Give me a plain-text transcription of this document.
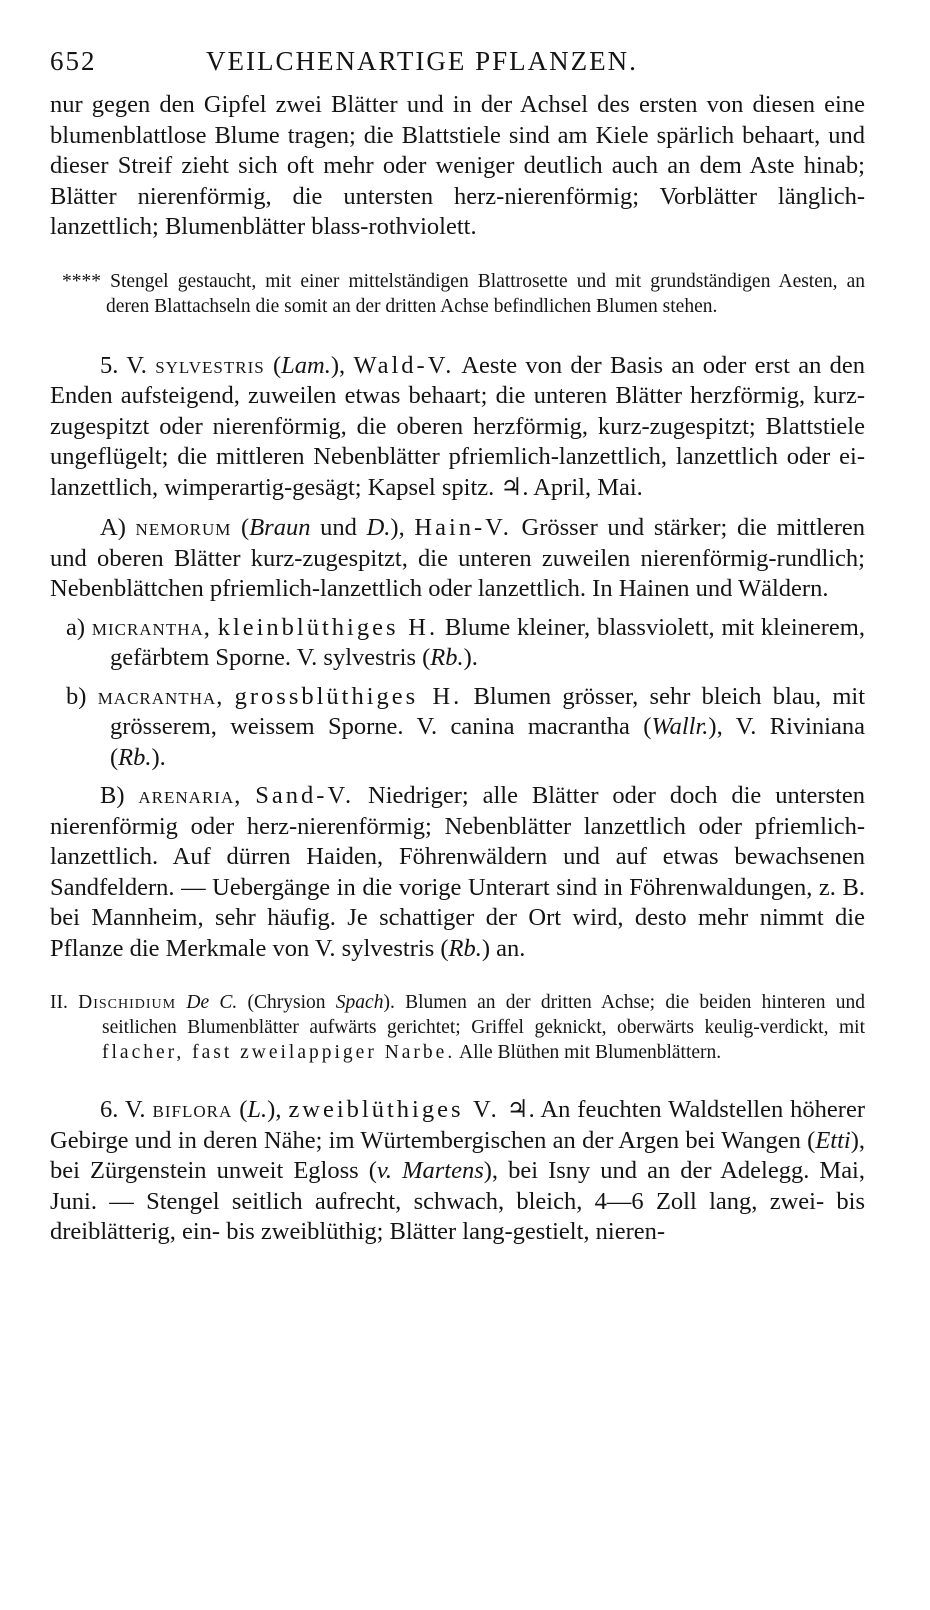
652	VEILCHENARTIGE PFLANZEN.

nur gegen den Gipfel zwei Blätter und in der Achsel des ersten von diesen eine blumenblattlose Blume tragen; die Blattstiele sind am Kiele spärlich behaart, und dieser Streif zieht sich oft mehr oder weniger deutlich auch an dem Aste hinab; Blätter nierenförmig, die untersten herz-nierenförmig; Vorblätter länglich-lanzettlich; Blumenblätter blass-rothviolett.

**** Stengel gestaucht, mit einer mittelständigen Blattrosette und mit grundständigen Aesten, an deren Blattachseln die somit an der dritten Achse befindlichen Blumen stehen.
5. V. sylvestris (Lam.), Wald-V. Aeste von der Basis an oder erst an den Enden aufsteigend, zuweilen etwas behaart; die unteren Blätter herzförmig, kurz-zugespitzt oder nierenförmig, die oberen herzförmig, kurz-zugespitzt; Blattstiele ungeflügelt; die mittleren Nebenblätter pfriemlich-lanzettlich, lanzettlich oder ei-lanzettlich, wimperartig-gesägt; Kapsel spitz. ♃. April, Mai.
A) nemorum (Braun und D.), Hain-V. Grösser und stärker; die mittleren und oberen Blätter kurz-zugespitzt, die unteren zuweilen nierenförmig-rundlich; Nebenblättchen pfriemlich-lanzettlich oder lanzettlich. In Hainen und Wäldern.
a) micrantha, kleinblüthiges H. Blume kleiner, blassviolett, mit kleinerem, gefärbtem Sporne. V. sylvestris (Rb.).
b) macrantha, grossblüthiges H. Blumen grösser, sehr bleich blau, mit grösserem, weissem Sporne. V. canina macrantha (Wallr.), V. Riviniana (Rb.).
B) arenaria, Sand-V. Niedriger; alle Blätter oder doch die untersten nierenförmig oder herz-nierenförmig; Nebenblätter lanzettlich oder pfriemlich-lanzettlich. Auf dürren Haiden, Föhrenwäldern und auf etwas bewachsenen Sandfeldern. — Uebergänge in die vorige Unterart sind in Föhrenwaldungen, z. B. bei Mannheim, sehr häufig. Je schattiger der Ort wird, desto mehr nimmt die Pflanze die Merkmale von V. sylvestris (Rb.) an.
II. Dischidium De C. (Chrysion Spach). Blumen an der dritten Achse; die beiden hinteren und seitlichen Blumenblätter aufwärts gerichtet; Griffel geknickt, oberwärts keulig-verdickt, mit flacher, fast zweilappiger Narbe. Alle Blüthen mit Blumenblättern.
6. V. biflora (L.), zweiblüthiges V. ♃. An feuchten Waldstellen höherer Gebirge und in deren Nähe; im Würtembergischen an der Argen bei Wangen (Etti), bei Zürgenstein unweit Egloss (v. Martens), bei Isny und an der Adelegg. Mai, Juni. — Stengel seitlich aufrecht, schwach, bleich, 4—6 Zoll lang, zwei- bis dreiblätterig, ein- bis zweiblüthig; Blätter lang-gestielt, nieren-
